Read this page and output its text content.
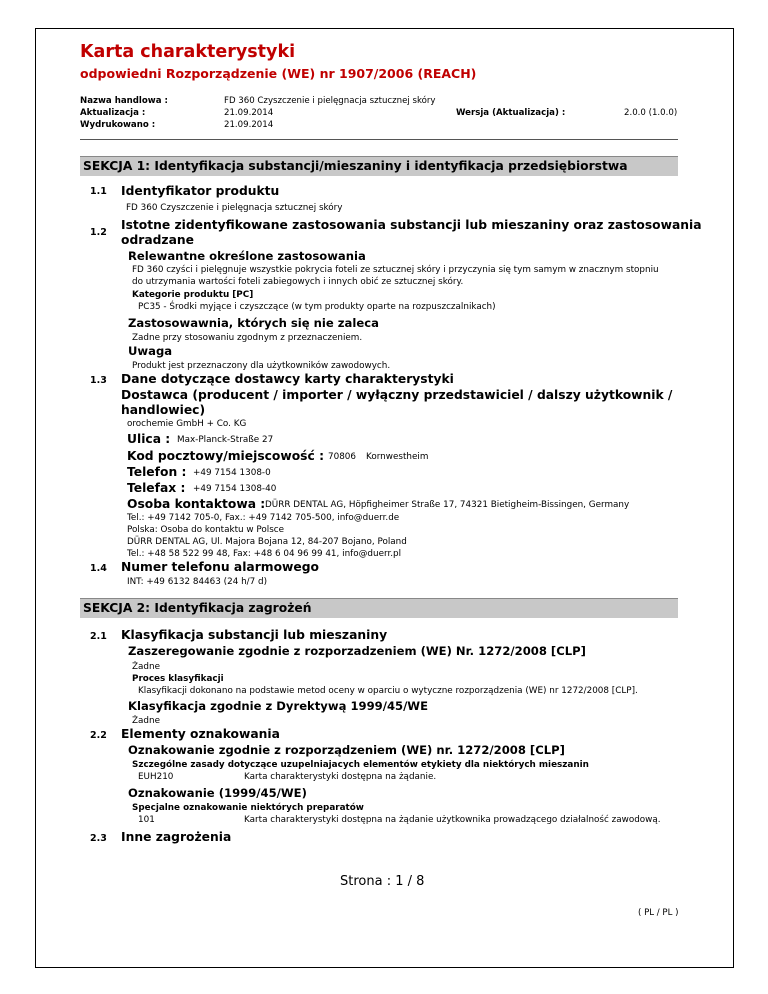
Karta charakterystyki
odpowiedni Rozporządzenie (WE) nr 1907/2006 (REACH)
Nazwa handlowa :	FD 360 Czyszczenie i pielęgnacja sztucznej skóry
Aktualizacja :	21.09.2014	Wersja (Aktualizacja) :	2.0.0 (1.0.0)
Wydrukowano :	21.09.2014
SEKCJA 1: Identyfikacja substancji/mieszaniny i identyfikacja przedsiębiorstwa
1.1 Identyfikator produktu
FD 360 Czyszczenie i pielęgnacja sztucznej skóry
1.2
Istotne zidentyfikowane zastosowania substancji lub mieszaniny oraz zastosowania
odradzane
Relewantne określone zastosowania
FD 360 czyści i pielęgnuje wszystkie pokrycia foteli ze sztucznej skóry i przyczynia się tym samym w znacznym stopniu
do utrzymania wartości foteli zabiegowych i innych obić ze sztucznej skóry.
Kategorie produktu [PC]
PC35 - Środki myjące i czyszczące (w tym produkty oparte na rozpuszczalnikach)
Zastosowawnia, których się nie zaleca
Zadne przy stosowaniu zgodnym z przeznaczeniem.
Uwaga
Produkt jest przeznaczony dla użytkowników zawodowych.
1.3 Dane dotyczące dostawcy karty charakterystyki
Dostawca (producent / importer / wyłączny przedstawiciel / dalszy użytkownik /
handlowiec)
orochemie GmbH + Co. KG
Ulica : Max-Planck-Straße 27
Kod pocztowy/miejscowość : 70806 Kornwestheim
Telefon : +49 7154 1308-0
Telefax : +49 7154 1308-40
Osoba kontaktowa : DÜRR DENTAL AG, Höpfigheimer Straße 17, 74321 Bietigheim-Bissingen, Germany
Tel.: +49 7142 705-0, Fax.: +49 7142 705-500, info@duerr.de
Polska: Osoba do kontaktu w Polsce
DÜRR DENTAL AG, Ul. Majora Bojana 12, 84-207 Bojano, Poland
Tel.: +48 58 522 99 48, Fax: +48 6 04 96 99 41, info@duerr.pl
1.4 Numer telefonu alarmowego
INT: +49 6132 84463 (24 h/7 d)
SEKCJA 2: Identyfikacja zagrożeń
2.1 Klasyfikacja substancji lub mieszaniny
Zaszeregowanie zgodnie z rozporzadzeniem (WE) Nr. 1272/2008 [CLP]
Żadne
Proces klasyfikacji
Klasyfikacji dokonano na podstawie metod oceny w oparciu o wytyczne rozporządzenia (WE) nr 1272/2008 [CLP].
Klasyfikacja zgodnie z Dyrektywą 1999/45/WE
Żadne
2.2 Elementy oznakowania
Oznakowanie zgodnie z rozporządzeniem (WE) nr. 1272/2008 [CLP]
Szczególne zasady dotyczące uzupelniajacych elementów etykiety dla niektórych mieszanin
EUH210	Karta charakterystyki dostępna na żądanie.
Oznakowanie (1999/45/WE)
Specjalne oznakowanie niektórych preparatów
101	Karta charakterystyki dostępna na żądanie użytkownika prowadzącego działalność zawodową.
2.3 Inne zagrożenia
Strona : 1 / 8
( PL / PL )
